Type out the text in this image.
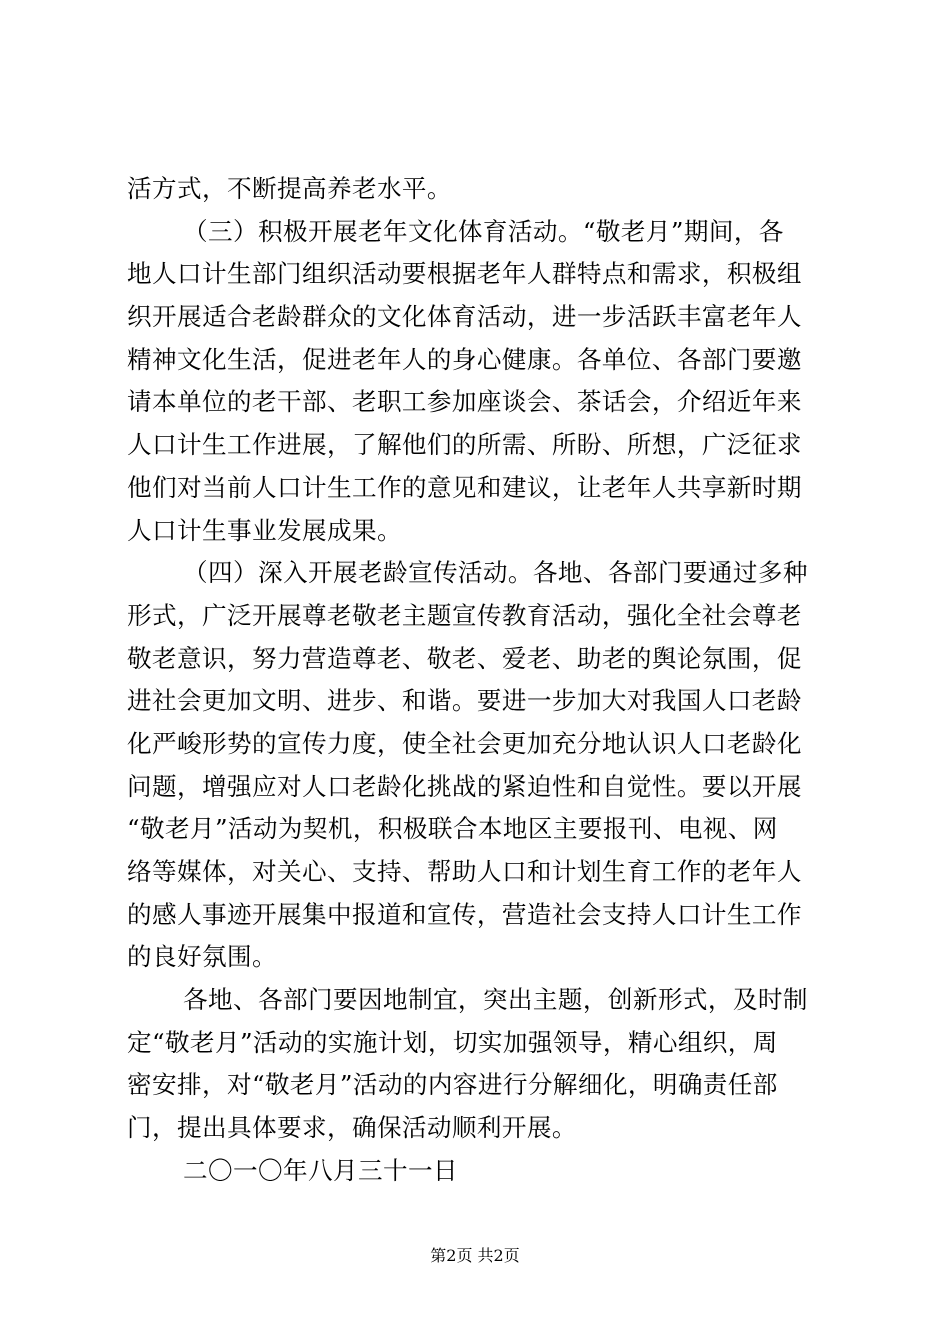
活方式，不断提高养老水平。
（三）积极开展老年文化体育活动。“敬老月”期间，各
地人口计生部门组织活动要根据老年人群特点和需求，积极组
织开展适合老龄群众的文化体育活动，进一步活跃丰富老年人
精神文化生活，促进老年人的身心健康。各单位、各部门要邀
请本单位的老干部、老职工参加座谈会、茶话会，介绍近年来
人口计生工作进展，了解他们的所需、所盼、所想，广泛征求
他们对当前人口计生工作的意见和建议，让老年人共享新时期
人口计生事业发展成果。
（四）深入开展老龄宣传活动。各地、各部门要通过多种
形式，广泛开展尊老敬老主题宣传教育活动，强化全社会尊老
敬老意识，努力营造尊老、敬老、爱老、助老的舆论氛围，促
进社会更加文明、进步、和谐。要进一步加大对我国人口老龄
化严峻形势的宣传力度，使全社会更加充分地认识人口老龄化
问题，增强应对人口老龄化挑战的紧迫性和自觉性。要以开展
“敬老月”活动为契机，积极联合本地区主要报刊、电视、网
络等媒体，对关心、支持、帮助人口和计划生育工作的老年人
的感人事迹开展集中报道和宣传，营造社会支持人口计生工作
的良好氛围。
各地、各部门要因地制宜，突出主题，创新形式，及时制
定“敬老月”活动的实施计划，切实加强领导，精心组织，周
密安排，对“敬老月”活动的内容进行分解细化，明确责任部
门，提出具体要求，确保活动顺利开展。
二〇一〇年八月三十一日
第2页 共2页
